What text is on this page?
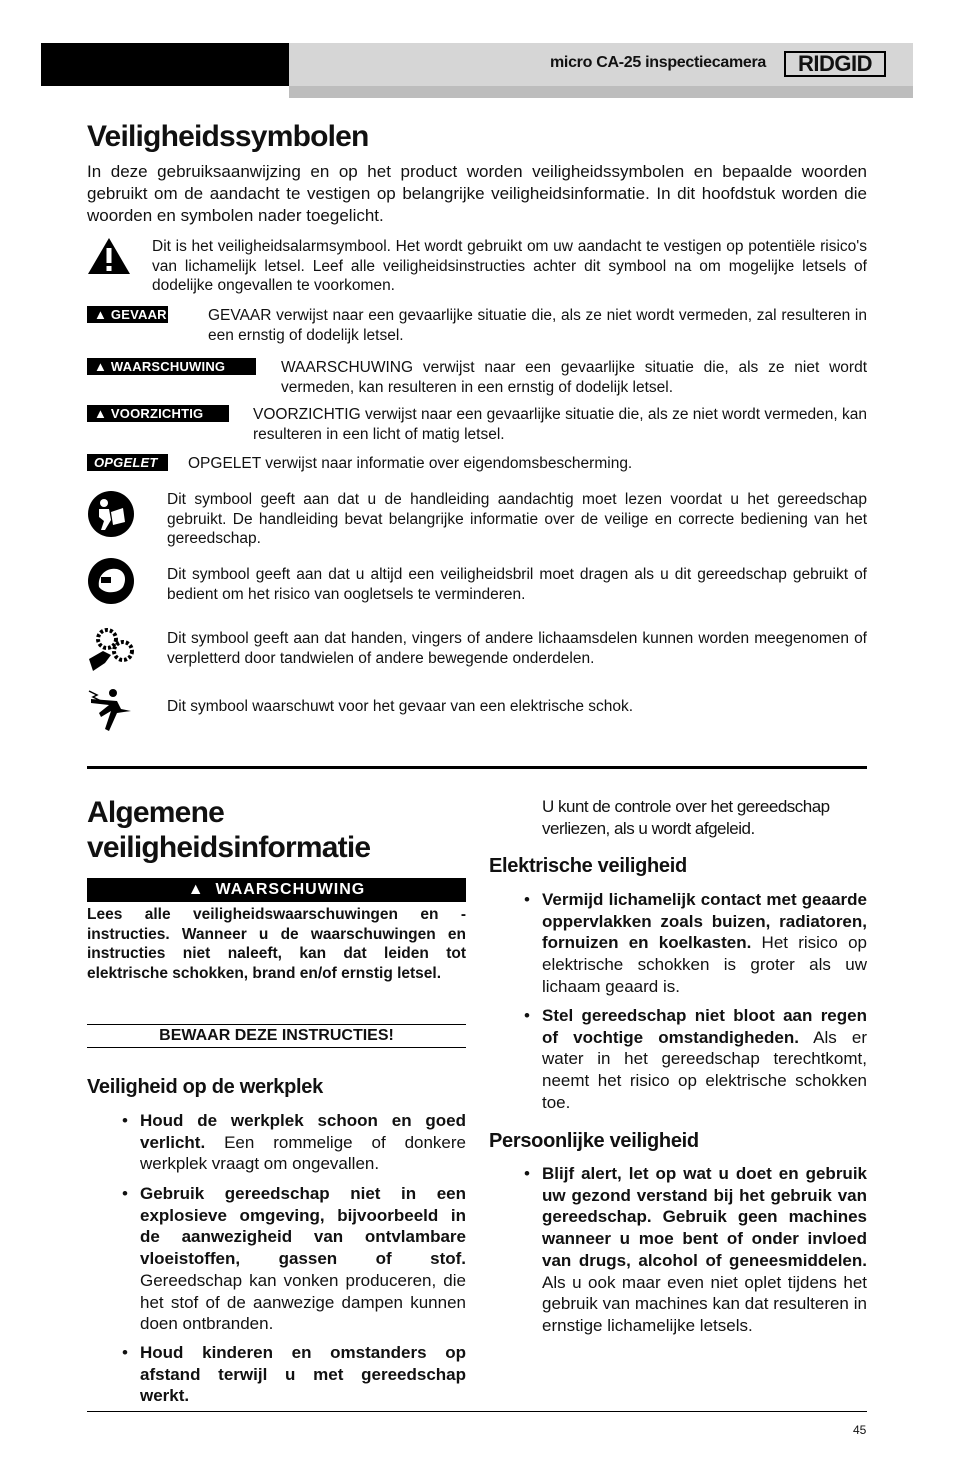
micro CA-25 inspectiecamera	RIDGID
Veiligheidssymbolen
In deze gebruiksaanwijzing en op het product worden veiligheidssymbolen en bepaalde woorden gebruikt om de aandacht te vestigen op belangrijke veiligheidsinformatie. In dit hoofdstuk worden die woorden en symbolen nader toegelicht.
Dit is het veiligheidsalarmsymbool. Het wordt gebruikt om uw aandacht te vestigen op potentiële risico's van lichamelijk letsel. Leef alle veiligheidsinstructies achter dit symbool na om mogelijke letsels of dodelijke ongevallen te voorkomen.
▲ GEVAAR	GEVAAR verwijst naar een gevaarlijke situatie die, als ze niet wordt vermeden, zal resulteren in een ernstig of dodelijk letsel.
▲ WAARSCHUWING	WAARSCHUWING verwijst naar een gevaarlijke situatie die, als ze niet wordt vermeden, kan resulteren in een ernstig of dodelijk letsel.
▲ VOORZICHTIG	VOORZICHTIG verwijst naar een gevaarlijke situatie die, als ze niet wordt vermeden, kan resulteren in een licht of matig letsel.
OPGELET	OPGELET verwijst naar informatie over eigendomsbescherming.
Dit symbool geeft aan dat u de handleiding aandachtig moet lezen voordat u het gereedschap gebruikt. De handleiding bevat belangrijke informatie over de veilige en correcte bediening van het gereedschap.
Dit symbool geeft aan dat u altijd een veiligheidsbril moet dragen als u dit gereedschap gebruikt of bedient om het risico van oogletsels te verminderen.
Dit symbool geeft aan dat handen, vingers of andere lichaamsdelen kunnen worden meegenomen of verpletterd door tandwielen of andere bewegende onderdelen.
Dit symbool waarschuwt voor het gevaar van een elektrische schok.
Algemene veiligheidsinformatie
▲ WAARSCHUWING
Lees alle veiligheidswaarschuwingen en -instructies. Wanneer u de waarschuwingen en instructies niet naleeft, kan dat leiden tot elektrische schokken, brand en/of ernstig letsel.
BEWAAR DEZE INSTRUCTIES!
Veiligheid op de werkplek
• Houd de werkplek schoon en goed verlicht. Een rommelige of donkere werkplek vraagt om ongevallen.
• Gebruik gereedschap niet in een explosieve omgeving, bijvoorbeeld in de aanwezigheid van ontvlambare vloeistoffen, gassen of stof. Gereedschap kan vonken produceren, die het stof of de aanwezige dampen kunnen doen ontbranden.
• Houd kinderen en omstanders op afstand terwijl u met gereedschap werkt.
U kunt de controle over het gereedschap verliezen, als u wordt afgeleid.
Elektrische veiligheid
• Vermijd lichamelijk contact met geaarde oppervlakken zoals buizen, radiatoren, fornuizen en koelkasten. Het risico op elektrische schokken is groter als uw lichaam geaard is.
• Stel gereedschap niet bloot aan regen of vochtige omstandigheden. Als er water in het gereedschap terechtkomt, neemt het risico op elektrische schokken toe.
Persoonlijke veiligheid
• Blijf alert, let op wat u doet en gebruik uw gezond verstand bij het gebruik van gereedschap. Gebruik geen machines wanneer u moe bent of onder invloed van drugs, alcohol of geneesmiddelen. Als u ook maar even niet oplet tijdens het gebruik van machines kan dat resulteren in ernstige lichamelijke letsels.
45
